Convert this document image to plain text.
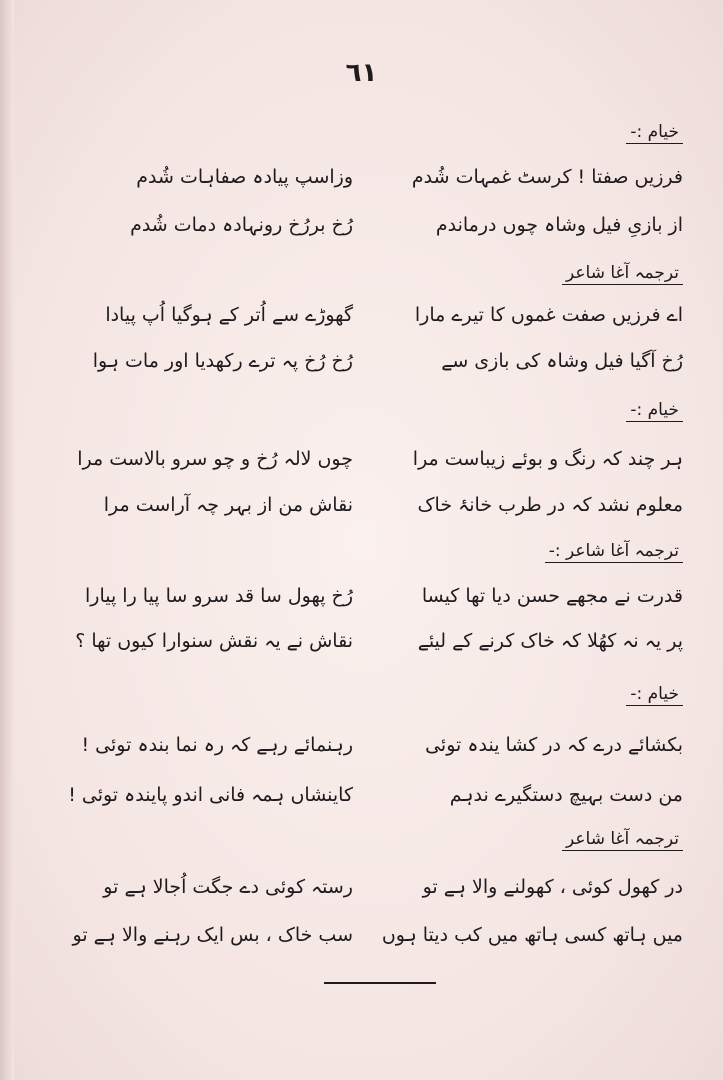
٦١
خیام :-
فرزیں صفتا ! کرسٹ غمہات شُدم
از بازیِ فیل وشاہ چوں درماندم
وزاسپ پیادہ صفاہات شُدم
رُخ بررُخ رونہادہ دمات شُدم
ترجمہ آغا شاعر
اے فرزیں صفت غموں کا تیرے مارا
رُخ آگیا فیل وشاہ کی بازی سے
گھوڑے سے اُتر کے ہوگیا اُپ پیادا
رُخ رُخ پہ ترے رکھدیا اور مات ہوا
خیام :-
ہر چند کہ رنگ و بوئے زیباست مرا
معلوم نشد کہ در طرب خانۂ خاک
چوں لالہ رُخ و چو سرو بالاست مرا
نقاش من از بہر چہ آراست مرا
ترجمہ آغا شاعر :-
قدرت نے مجھے حسن دیا تھا کیسا
پر یہ نہ کھُلا کہ خاک کرنے کے لیئے
رُخ پھول سا قد سرو سا پیا را پیارا
نقاش نے یہ نقش سنوارا کیوں تھا ؟
خیام :-
بکشائے درے کہ در کشا یندہ توئی
من دست بہیچ دستگیرے ندہم
رہنمائے رہے کہ رہ نما بندہ توئی !
کاینشاں ہمہ فانی اندو پایندہ توئی !
ترجمہ آغا شاعر
در کھول کوئی ، کھولنے والا ہے تو
میں ہاتھ کسی ہاتھ میں کب دیتا ہوں
رستہ کوئی دے جگت اُجالا ہے تو
سب خاک ، بس ایک رہنے والا ہے تو
